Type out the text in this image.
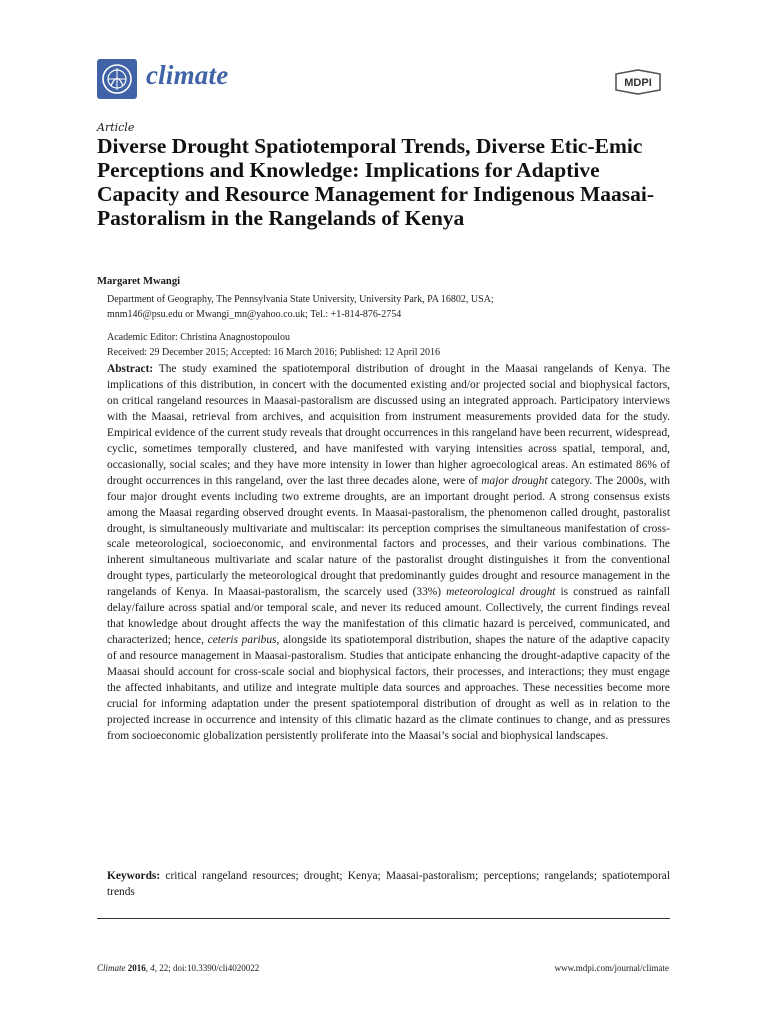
climate	MDPI
Article
Diverse Drought Spatiotemporal Trends, Diverse Etic-Emic Perceptions and Knowledge: Implications for Adaptive Capacity and Resource Management for Indigenous Maasai-Pastoralism in the Rangelands of Kenya
Margaret Mwangi
Department of Geography, The Pennsylvania State University, University Park, PA 16802, USA;
mnm146@psu.edu or Mwangi_mn@yahoo.co.uk; Tel.: +1-814-876-2754
Academic Editor: Christina Anagnostopoulou
Received: 29 December 2015; Accepted: 16 March 2016; Published: 12 April 2016

Abstract: The study examined the spatiotemporal distribution of drought in the Maasai rangelands of Kenya. The implications of this distribution, in concert with the documented existing and/or projected social and biophysical factors, on critical rangeland resources in Maasai-pastoralism are discussed using an integrated approach. Participatory interviews with the Maasai, retrieval from archives, and acquisition from instrument measurements provided data for the study. Empirical evidence of the current study reveals that drought occurrences in this rangeland have been recurrent, widespread, cyclic, sometimes temporally clustered, and have manifested with varying intensities across spatial, temporal, and, occasionally, social scales; and they have more intensity in lower than higher agroecological areas. An estimated 86% of drought occurrences in this rangeland, over the last three decades alone, were of major drought category. The 2000s, with four major drought events including two extreme droughts, are an important drought period. A strong consensus exists among the Maasai regarding observed drought events. In Maasai-pastoralism, the phenomenon called drought, pastoralist drought, is simultaneously multivariate and multiscalar: its perception comprises the simultaneous manifestation of cross-scale meteorological, socioeconomic, and environmental factors and processes, and their various combinations. The inherent simultaneous multivariate and scalar nature of the pastoralist drought distinguishes it from the conventional drought types, particularly the meteorological drought that predominantly guides drought and resource management in the rangelands of Kenya. In Maasai-pastoralism, the scarcely used (33%) meteorological drought is construed as rainfall delay/failure across spatial and/or temporal scale, and never its reduced amount. Collectively, the current findings reveal that knowledge about drought affects the way the manifestation of this climatic hazard is perceived, communicated, and characterized; hence, ceteris paribus, alongside its spatiotemporal distribution, shapes the nature of the adaptive capacity of and resource management in Maasai-pastoralism. Studies that anticipate enhancing the drought-adaptive capacity of the Maasai should account for cross-scale social and biophysical factors, their processes, and interactions; they must engage the affected inhabitants, and utilize and integrate multiple data sources and approaches. These necessities become more crucial for informing adaptation under the present spatiotemporal distribution of drought as well as in relation to the projected increase in occurrence and intensity of this climatic hazard as the climate continues to change, and as pressures from socioeconomic globalization persistently proliferate into the Maasai’s social and biophysical landscapes.

Keywords: critical rangeland resources; drought; Kenya; Maasai-pastoralism; perceptions; rangelands; spatiotemporal trends

Climate 2016, 4, 22; doi:10.3390/cli4020022	www.mdpi.com/journal/climate
